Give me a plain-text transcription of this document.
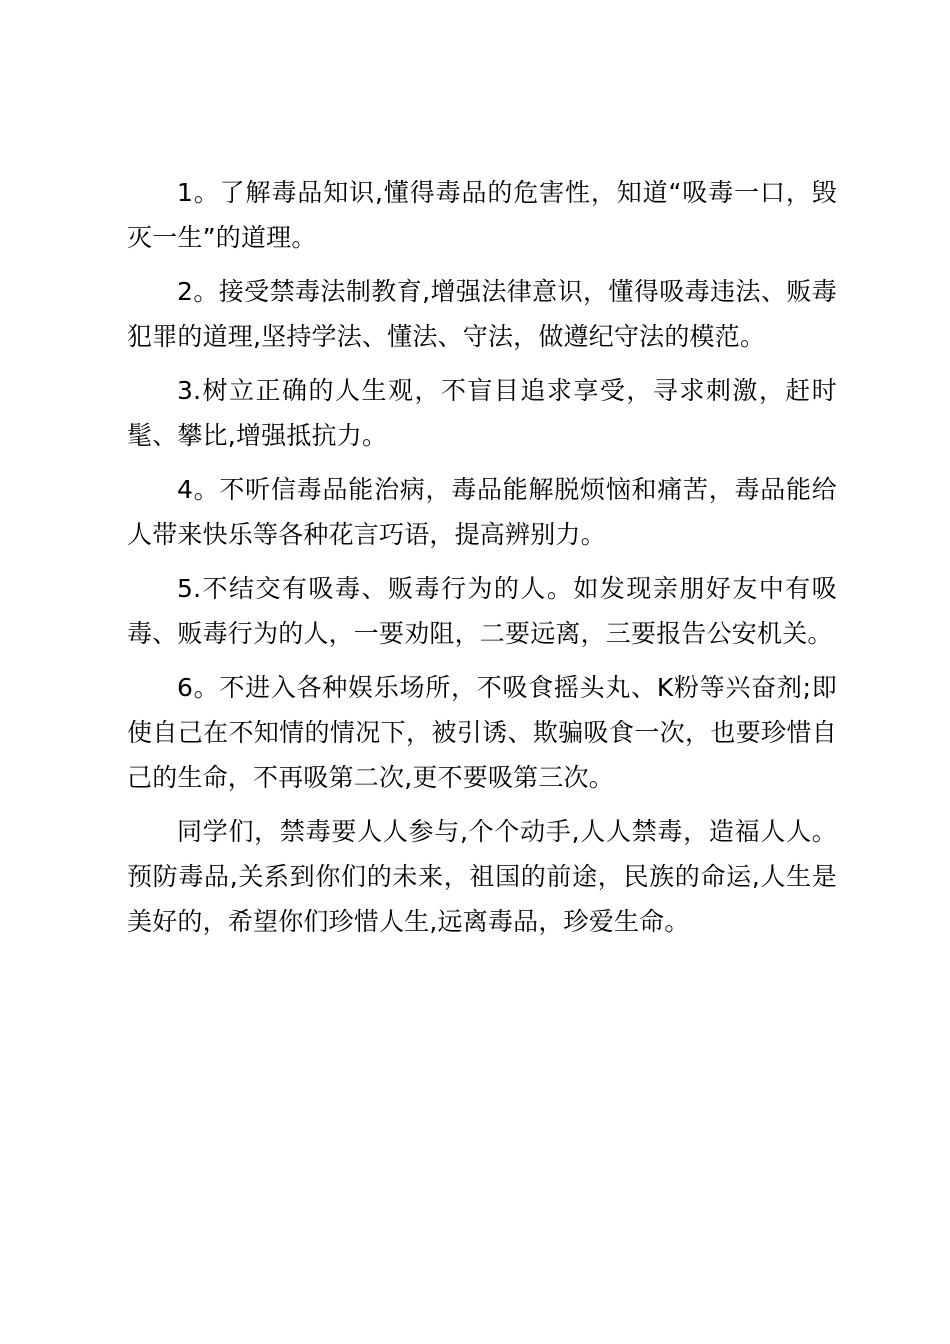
1。了解毒品知识,懂得毒品的危害性，知道“吸毒一口，毁灭一生”的道理。

2。接受禁毒法制教育,增强法律意识，懂得吸毒违法、贩毒犯罪的道理,坚持学法、懂法、守法，做遵纪守法的模范。

3.树立正确的人生观，不盲目追求享受，寻求刺激，赶时髦、攀比,增强抵抗力。

4。不听信毒品能治病，毒品能解脱烦恼和痛苦，毒品能给人带来快乐等各种花言巧语，提高辨别力。

5.不结交有吸毒、贩毒行为的人。如发现亲朋好友中有吸毒、贩毒行为的人，一要劝阻，二要远离，三要报告公安机关。

6。不进入各种娱乐场所，不吸食摇头丸、K粉等兴奋剂;即使自己在不知情的情况下，被引诱、欺骗吸食一次，也要珍惜自己的生命，不再吸第二次,更不要吸第三次。

同学们，禁毒要人人参与,个个动手,人人禁毒，造福人人。预防毒品,关系到你们的未来，祖国的前途，民族的命运,人生是美好的，希望你们珍惜人生,远离毒品，珍爱生命。
